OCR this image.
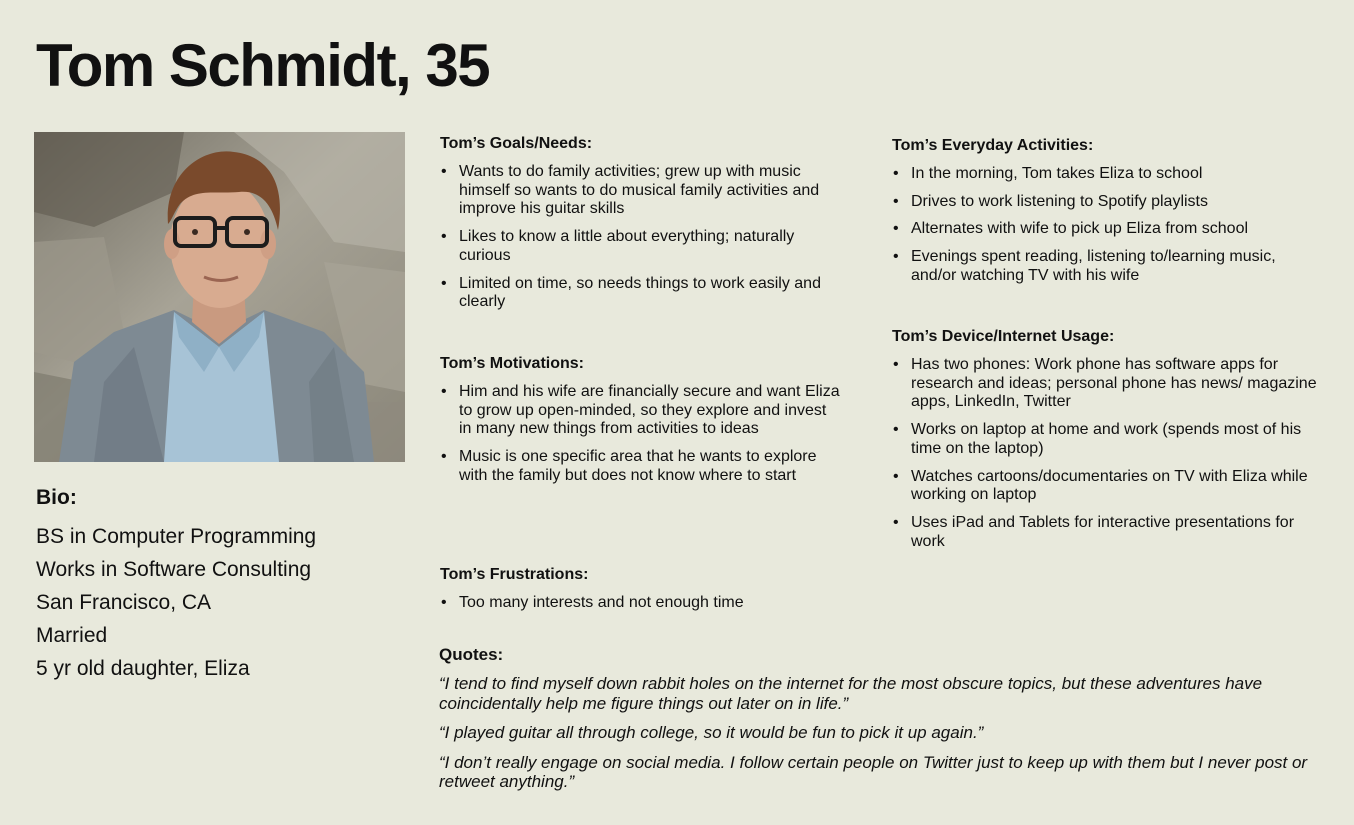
Tom Schmidt, 35

Bio:

BS in Computer Programming

Works in Software Consulting

San Francisco, CA

Married

5 yr old daughter, Eliza

Tom’s Goals/Needs:
• Wants to do family activities; grew up with music himself so wants to do musical family activities and improve his guitar skills
• Likes to know a little about everything; naturally curious
• Limited on time, so needs things to work easily and clearly
Tom’s Motivations:
• Him and his wife are financially secure and want Eliza to grow up open-minded, so they explore and invest in many new things from activities to ideas
• Music is one specific area that he wants to explore with the family but does not know where to start
Tom’s Frustrations:
• Too many interests and not enough time
Tom’s Everyday Activities:
• In the morning, Tom takes Eliza to school
• Drives to work listening to Spotify playlists
• Alternates with wife to pick up Eliza from school
• Evenings spent reading, listening to/learning music, and/or watching TV with his wife
Tom’s Device/Internet Usage:
• Has two phones: Work phone has software apps for research and ideas; personal phone has news/ magazine apps, LinkedIn, Twitter
• Works on laptop at home and work (spends most of his time on the laptop)
• Watches cartoons/documentaries on TV with Eliza while working on laptop
• Uses iPad and Tablets for interactive presentations for work
Quotes:

“I tend to find myself down rabbit holes on the internet for the most obscure topics, but these adventures have coincidentally help me figure things out later on in life.”

“I played guitar all through college, so it would be fun to pick it up again.”

“I don’t really engage on social media. I follow certain people on Twitter just to keep up with them but I never post or retweet anything.”
